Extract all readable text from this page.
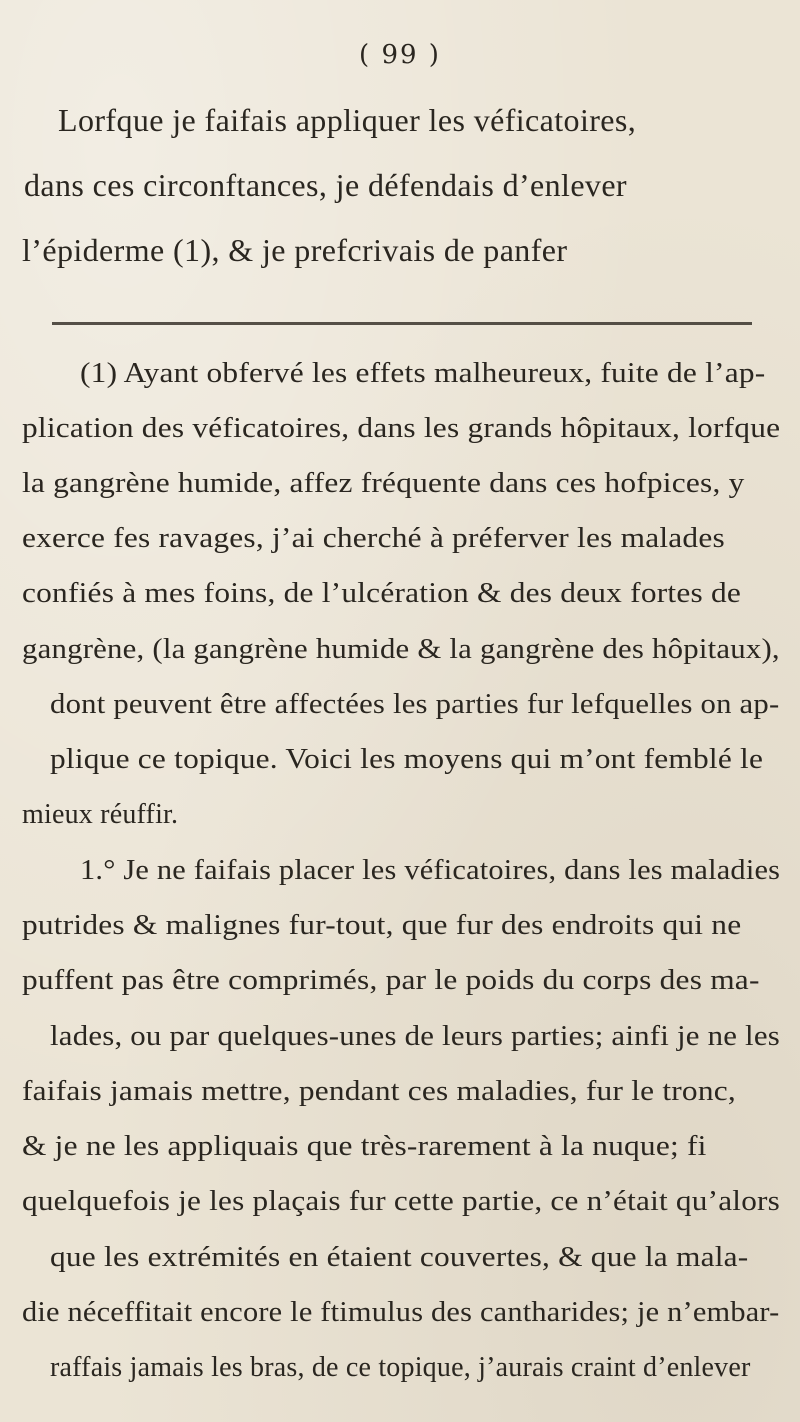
( 99 )
Lorfque je faifais appliquer les véficatoires,
dans ces circonftances, je défendais d’enlever
l’épiderme (1), & je prefcrivais de panfer
(1) Ayant obfervé les effets malheureux, fuite de l’ap-
plication des véficatoires, dans les grands hôpitaux, lorfque
la gangrène humide, affez fréquente dans ces hofpices, y
exerce fes ravages, j’ai cherché à préferver les malades
confiés à mes foins, de l’ulcération & des deux fortes de
gangrène, (la gangrène humide & la gangrène des hôpitaux),
dont peuvent être affectées les parties fur lefquelles on ap-
plique ce topique. Voici les moyens qui m’ont femblé le
mieux réuffir.
1.° Je ne faifais placer les véficatoires, dans les maladies
putrides & malignes fur-tout, que fur des endroits qui ne
puffent pas être comprimés, par le poids du corps des ma-
lades, ou par quelques-unes de leurs parties; ainfi je ne les
faifais jamais mettre, pendant ces maladies, fur le tronc,
& je ne les appliquais que très-rarement à la nuque; fi
quelquefois je les plaçais fur cette partie, ce n’était qu’alors
que les extrémités en étaient couvertes, & que la mala-
die néceffitait encore le ftimulus des cantharides; je n’embar-
raffais jamais les bras, de ce topique, j’aurais craint d’enlever
